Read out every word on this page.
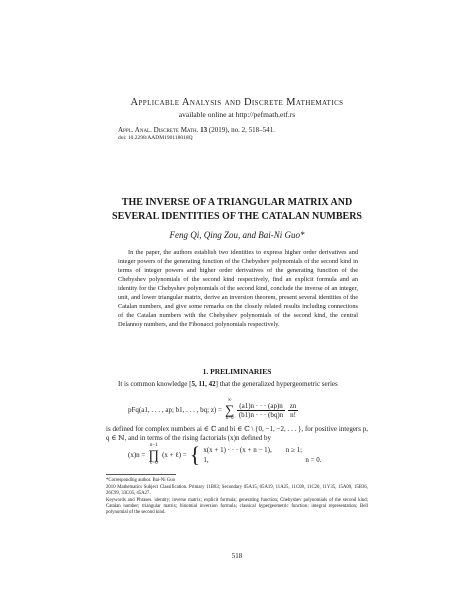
Applicable Analysis and Discrete Mathematics
available online at http://pefmath.etf.rs
Appl. Anal. Discrete Math. 13 (2019), no. 2, 518–541.
doi: 10.2298/AADM190118018Q
THE INVERSE OF A TRIANGULAR MATRIX AND
SEVERAL IDENTITIES OF THE CATALAN NUMBERS
Feng Qi, Qing Zou, and Bai-Ni Guo*
In the paper, the authors establish two identities to express higher order derivatives and integer powers of the generating function of the Chebyshev polynomials of the second kind in terms of integer powers and higher order derivatives of the generating function of the Chebyshev polynomials of the second kind respectively, find an explicit formula and an identity for the Chebyshev polynomials of the second kind, conclude the inverse of an integer, unit, and lower triangular matrix, derive an inversion theorem, present several identities of the Catalan numbers, and give some remarks on the closely related results including connections of the Catalan numbers with the Chebyshev polynomials of the second kind, the central Delannoy numbers, and the Fibonacci polynomials respectively.
1. PRELIMINARIES
It is common knowledge [5, 11, 42] that the generalized hypergeometric series
pFq(a1, . . . , ap; b1, . . . , bq; z) =
∞
∑
$n=0 \frac{(a1)n \cdot \cdot \cdot (ap)n}{(b1)n \cdot \cdot \cdot (bq)n} \frac{zn}{n!}$
is defined for complex numbers ai ∈ ℂ and bi ∈ ℂ \ {0, −1, −2, . . . }, for positive integers p, q ∈ ℕ, and in terms of the rising factorials (x)n defined by
(x)n =
n−1
∏
ℓ=0
(x + ℓ) = { x(x + 1) · · · (x + n − 1), n ≥ 1;
1,	n = 0.
*Corresponding author. Bai-Ni Guo
2010 Mathematics Subject Classification. Primary 11B83; Secondary 05A15, 05A19, 11A25, 11C08, 11C20, 11Y35, 15A09, 15B36, 26C99, 33C05, 45A27.
Keywords and Phrases. identity; inverse matrix; explicit formula; generating function; Chebyshev polynomials of the second kind; Catalan number; triangular matrix; binomial inversion formula; classical hypergeometric function; integral representation; Bell polynomial of the second kind.
518
